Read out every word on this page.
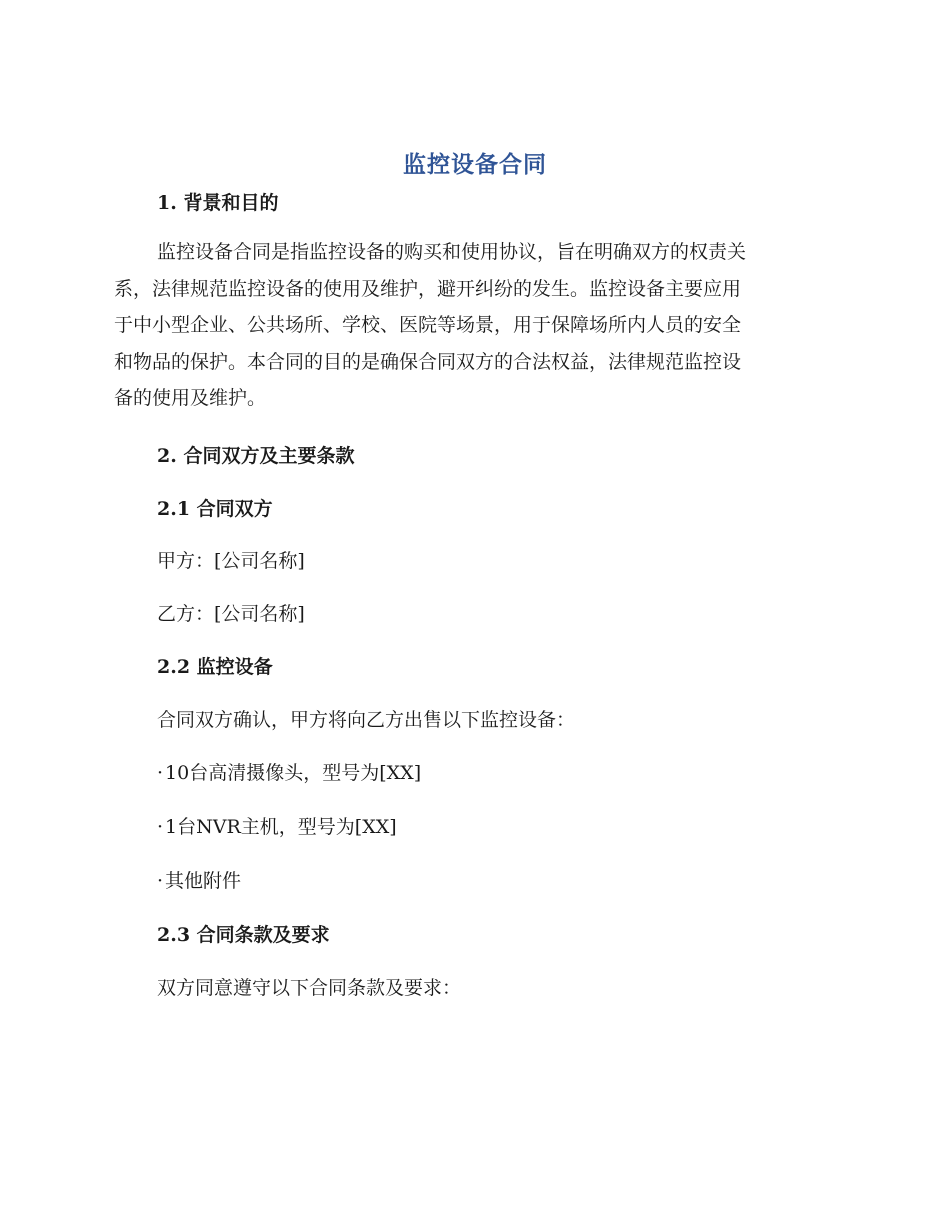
监控设备合同
1. 背景和目的
监控设备合同是指监控设备的购买和使用协议，旨在明确双方的权责关
系，法律规范监控设备的使用及维护，避开纠纷的发生。监控设备主要应用
于中小型企业、公共场所、学校、医院等场景，用于保障场所内人员的安全
和物品的保护。本合同的目的是确保合同双方的合法权益，法律规范监控设
备的使用及维护。
2. 合同双方及主要条款
2.1 合同双方
甲方：[公司名称]
乙方：[公司名称]
2.2 监控设备
合同双方确认，甲方将向乙方出售以下监控设备：
· 10台高清摄像头，型号为[XX]
· 1台NVR主机，型号为[XX]
· 其他附件
2.3 合同条款及要求
双方同意遵守以下合同条款及要求：
